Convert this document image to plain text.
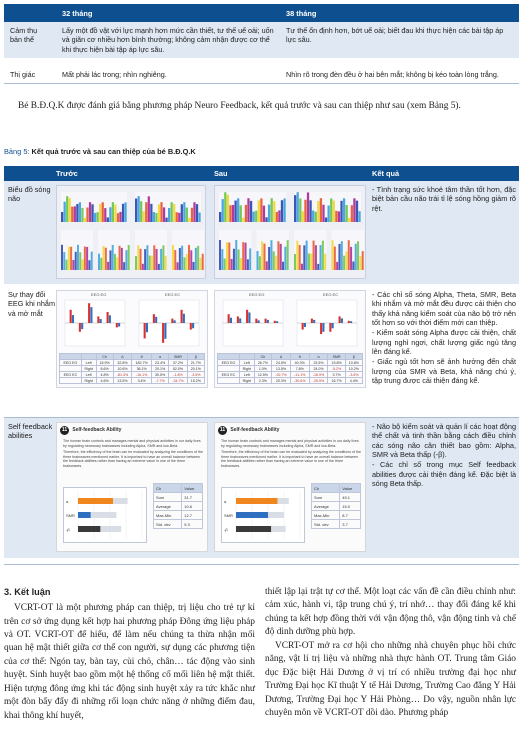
	32 tháng	38 tháng
Cảm thụ bản thể	Lấy một đồ vật với lực mạnh hơn mức cần thiết, tư thế uể oải; uốn và giãn cơ nhiều hơn bình thường; không cảm nhận được cơ thể khi thực hiện bài tập áp lực sâu.	Tư thế ổn định hơn, bớt uể oải; biết đau khi thực hiện các bài tập áp lực sâu.

Thị giác	Mất phải lác trong; nhìn nghiêng.	Nhìn rõ trong đèn đều ở hai bên mắt; không bị kéo toàn lòng trắng.
Bé B.Đ.Q.K được đánh giá bằng phương pháp Neuro Feedback, kết quả trước và sau can thiệp như sau (xem Bảng 5).
Bảng 5: Kết quả trước và sau can thiệp của bé B.Đ.Q.K
Trước	Sau	Kết quả
Biểu đồ sóng não

- Tình trạng sức khoẻ tâm thần tốt hơn, đặc biệt bản cầu não trái tỉ lệ sóng hồng giảm rõ rệt.

Sự thay đổi EEG khi nhắm và mở mắt
EEG EO	EEG EC
		Ch	Δ	θ	α	SMR	β
EEG EO	Left	15.9%	32.8%	182.7%	23.4%	37.2%	21.7%
	Right	8.6%	10.6%	36.1%	20.1%	52.0%	20.1%
EEG EC	Left	4.8%	-81.3%	-16.1%	30.5%	-1.8%	-3.5%
	Right	4.6%	13.5%	3.4%	-7.7%	-34.7%	15.2%
EEG EO	EEG EC
		Ch	Δ	θ	α	SMR	β
EEG EO	Left	26.7%	24.5%	40.3%	23.5%	19.8%	10.8%
	Right	1.0%	13.5%	7.8%	24.0%	-5.2%	10.2%
EEG EC	Left	12.5%	-92.7%	-11.1%	-16.9%	3.7%	-3.6%
	Right	2.3%	20.3%	-30.6%	-25.9%	16.7%	4.4%

- Các chỉ số sóng Alpha, Theta, SMR, Beta khi nhắm và mở mắt đều được cải thiện cho thấy khả năng kiểm soát của não bộ trở nên tốt hơn so với thời điểm mới can thiệp.

- Kiểm soát sóng Alpha được cải thiện, chất lượng nghỉ ngơi, chất lượng giấc ngủ tăng lên đáng kể.

- Giấc ngủ tốt hơn sẽ ảnh hưởng đến chất lượng của SMR và Beta, khả năng chú ý, tập trung được cải thiện đáng kể.

Self feedback abilities
11 Self-feedback Ability
The human brain controls and manages mental and physical activities in our daily lives by regulating necessary brainwaves including Alpha, SMR and low-Beta.
Therefore, the efficiency of the brain can be evaluated by analyzing the conditions of the three brainwaves mentioned earlier. It is important to have an overall balance between the feedback abilities rather than having an extreme value in one of the three brainwaves.
α
SMR
-β
Ch	Value
Sum	31.7
Average	10.6
Max-Min	12.7
Std. dev	5.3
11 Self-feedback Ability
The human brain controls and manages mental and physical activities in our daily lives by regulating necessary brainwaves including Alpha, SMR and low-Beta.
Therefore, the efficiency of the brain can be evaluated by analyzing the conditions of the three brainwaves mentioned earlier. It is important to have an overall balance between the feedback abilities rather than having an extreme value in one of the three brainwaves.
α
SMR
-β
Ch	Value
Sum	45.1
Average	15.0
Max-Min	8.7
Std. dev	3.7

- Não bộ kiểm soát và quản lí các hoạt động thể chất và tinh thần bằng cách điều chỉnh các sóng não cân thiết bao gồm: Alpha, SMR và Beta thấp (-β).

- Các chỉ số trong mục Self feedback abilities được cải thiện đáng kể. Đặc biệt là sóng Beta thấp.

3. Kết luận
VCRT-OT là một phương pháp can thiệp, trị liệu cho trẻ tự kỉ trên cơ sở ứng dụng kết hợp hai phương pháp Đông ứng liệu pháp và OT. VCRT-OT để hiểu, để làm nếu chúng ta thừa nhận mối quan hệ mật thiết giữa cơ thể con người, sự dụng các phương tiện của cơ thể: Ngón tay, bàn tay, cùi chỏ, chân… tác động vào sinh huyệt. Sinh huyệt bao gồm một hệ thống cố mối liên hệ mật thiết. Hiện tượng đông ứng khi tác động sinh huyệt xảy ra tức khắc như một đòn bẩy đẩy đi những rối loạn chức năng ở những điểm đau, khai thông khí huyết,
thiết lập lại trật tự cơ thể. Một loạt các vấn đề cần điều chỉnh như: cảm xúc, hành vi, tập trung chú ý, trí nhớ… thay đổi đáng kể khi chúng ta kết hợp đồng thời với vận động thô, vận động tinh và chế độ dinh dưỡng phù hợp.
VCRT-OT mở ra cơ hội cho những nhà chuyên phục hồi chức năng, vật lí trị liệu và những nhà thực hành OT. Trung tâm Giáo dục Đặc biệt Hải Dương ở vị trí có nhiều trường đại học như Trường Đại học Kĩ thuật Y tế Hải Dương, Trường Cao đẳng Y Hải Dương, Trường Đại học Y Hải Phòng… Do vậy, nguồn nhân lực chuyên môn về VCRT-OT dồi dào. Phương pháp
